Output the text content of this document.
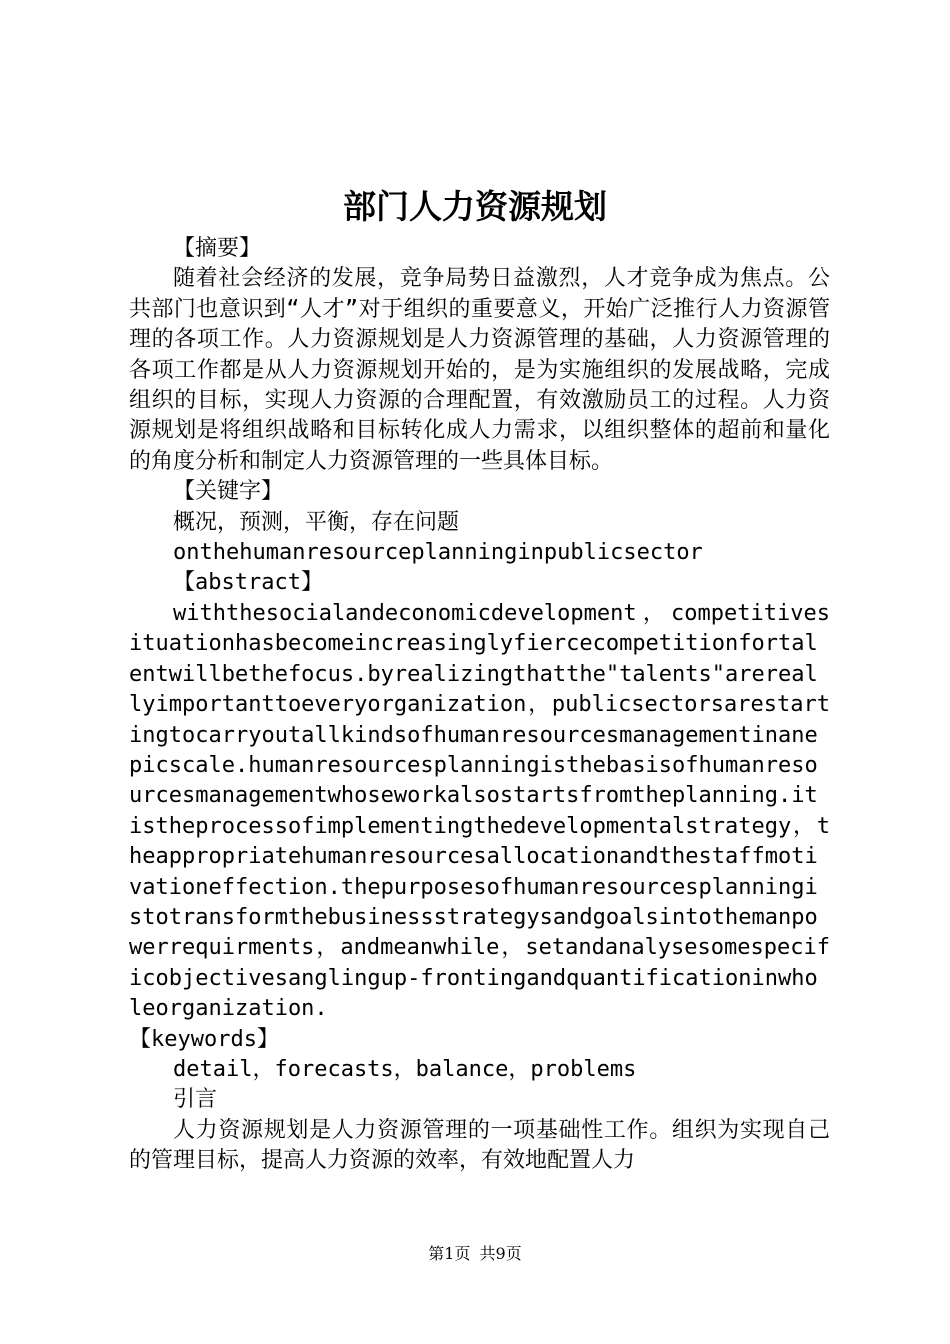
部门人力资源规划

【摘要】

随着社会经济的发展，竞争局势日益激烈，人才竞争成为焦点。公共部门也意识到“人才”对于组织的重要意义，开始广泛推行人力资源管理的各项工作。人力资源规划是人力资源管理的基础，人力资源管理的各项工作都是从人力资源规划开始的，是为实施组织的发展战略，完成组织的目标，实现人力资源的合理配置，有效激励员工的过程。人力资源规划是将组织战略和目标转化成人力需求，以组织整体的超前和量化的角度分析和制定人力资源管理的一些具体目标。

【关键字】

概况，预测，平衡，存在问题

onthehumanresourceplanninginpublicsector

【abstract】

withthesocialandeconomicdevelopment，competitivesituationhasbecomeincreasinglyfiercecompetitionfortalentwillbethefocus.byrealizingthatthe"talents"arereallyimportanttoeveryorganization，publicsectorsarestartingtocarryoutallkindsofhumanresourcesmanagementinanepicscale.humanresourcesplanningisthebasisofhumanresourcesmanagementwhoseworkalsostartsfromtheplanning.itistheprocessofimplementingthedevelopmentalstrategy，theappropriatehumanresourcesallocationandthestaffmotivationeffection.thepurposesofhumanresourcesplanningistotransformthebusinessstrategysandgoalsintothemanpowerrequirments，andmeanwhile，setandanalysesomespecificobjectivesanglingup-frontingandquantificationinwholeorganization.

【keywords】

detail，forecasts，balance，problems

引言

人力资源规划是人力资源管理的一项基础性工作。组织为实现自己的管理目标，提高人力资源的效率，有效地配置人力

第1页 共9页
